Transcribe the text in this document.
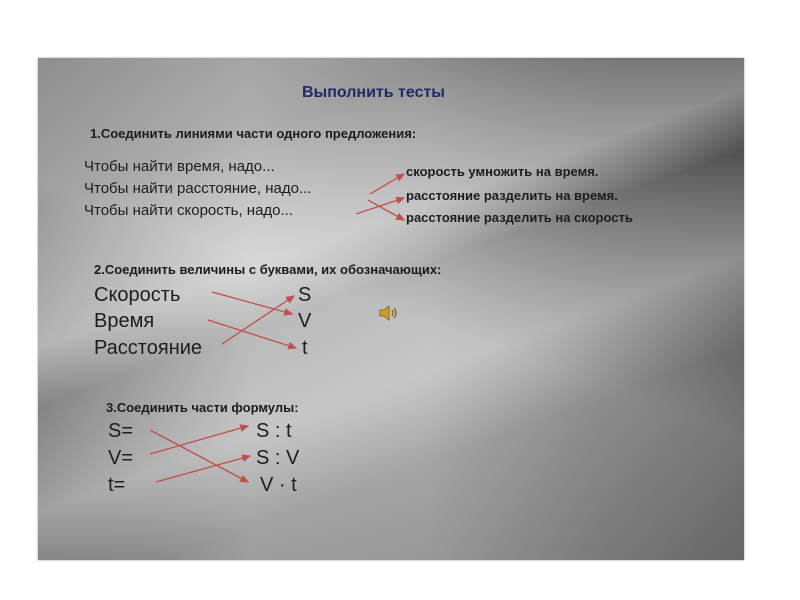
Выполнить тесты
1.Соединить линиями части одного предложения:
Чтобы найти время, надо...
Чтобы найти расстояние, надо...
Чтобы найти скорость, надо...
скорость умножить на время.
расстояние разделить на время.
расстояние разделить на скорость
2.Соединить величины с буквами, их обозначающих:
Скорость
Время
Расстояние
S
V
t
3.Соединить части формулы:
S=
V=
t=
S : t
S : V
V · t
